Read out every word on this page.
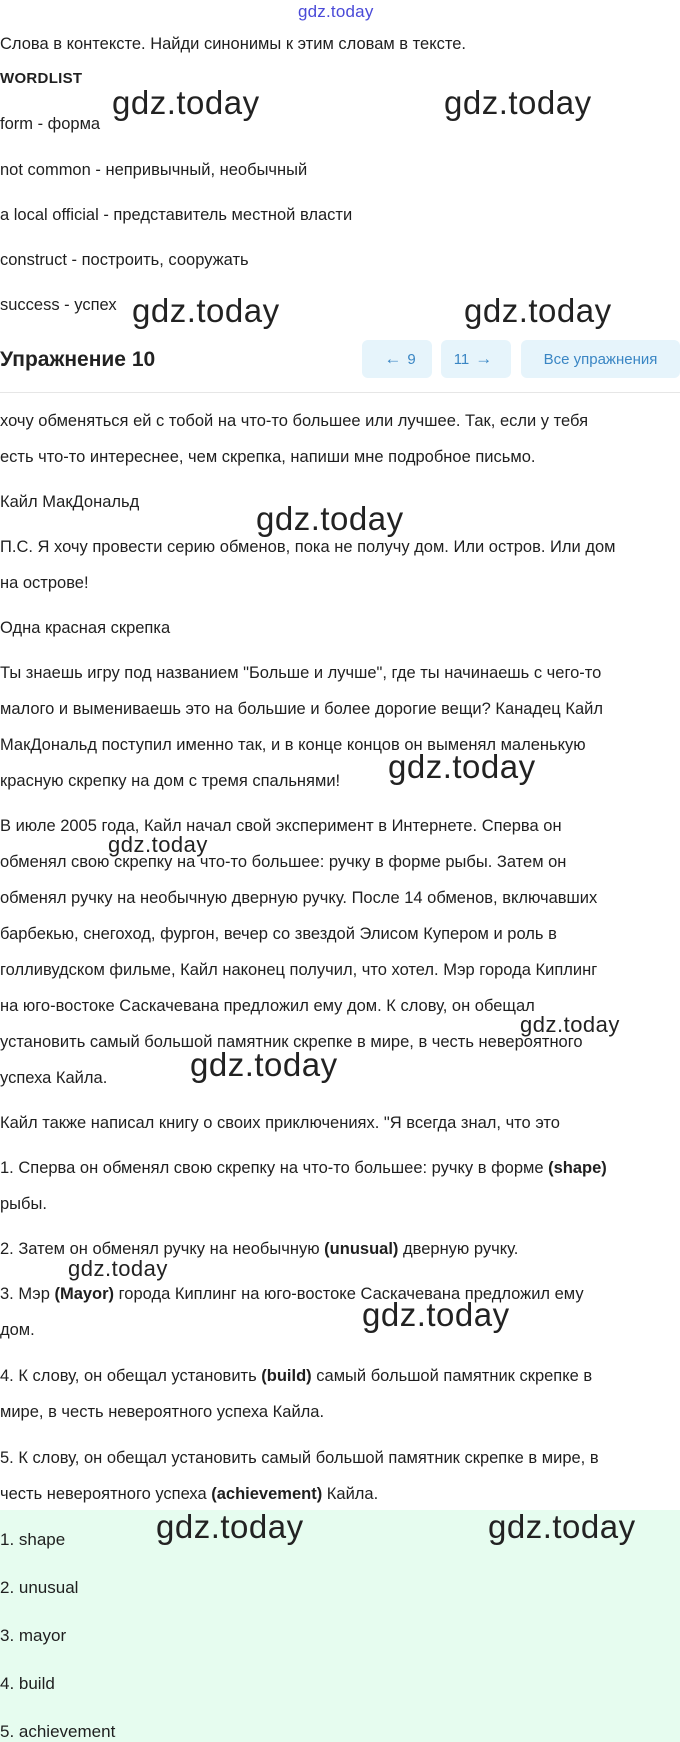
gdz.today
Слова в контексте. Найди синонимы к этим словам в тексте.
WORDLIST
form - форма
not common - непривычный, необычный
a local official - представитель местной власти
construct - построить, сооружать
success - успех
Упражнение 10	← 9	11 →	Все упражнения
хочу обменяться ей с тобой на что-то большее или лучшее. Так, если у тебя
есть что-то интереснее, чем скрепка, напиши мне подробное письмо.
Кайл МакДональд
П.С. Я хочу провести серию обменов, пока не получу дом. Или остров. Или дом
на острове!
Одна красная скрепка
Ты знаешь игру под названием "Больше и лучше", где ты начинаешь с чего-то
малого и вымениваешь это на большие и более дорогие вещи? Канадец Кайл
МакДональд поступил именно так, и в конце концов он выменял маленькую
красную скрепку на дом с тремя спальнями!
В июле 2005 года, Кайл начал свой эксперимент в Интернете. Сперва он
обменял свою скрепку на что-то большее: ручку в форме рыбы. Затем он
обменял ручку на необычную дверную ручку. После 14 обменов, включавших
барбекью, снегоход, фургон, вечер со звездой Элисом Купером и роль в
голливудском фильме, Кайл наконец получил, что хотел. Мэр города Киплинг
на юго-востоке Саскачевана предложил ему дом. К слову, он обещал
установить самый большой памятник скрепке в мире, в честь невероятного
успеха Кайла.
Кайл также написал книгу о своих приключениях. "Я всегда знал, что это
1. Сперва он обменял свою скрепку на что-то большее: ручку в форме (shape)
рыбы.
2. Затем он обменял ручку на необычную (unusual) дверную ручку.
3. Мэр (Mayor) города Киплинг на юго-востоке Саскачевана предложил ему
дом.
4. К слову, он обещал установить (build) самый большой памятник скрепке в
мире, в честь невероятного успеха Кайла.
5. К слову, он обещал установить самый большой памятник скрепке в мире, в
честь невероятного успеха (achievement) Кайла.
1. shape
2. unusual
3. mayor
4. build
5. achievement
gdz.today	gdz.today
gdz.today	gdz.today
gdz.today
gdz.today
gdz.today
gdz.today
gdz.today
gdz.today
gdz.today
gdz.today	gdz.today
